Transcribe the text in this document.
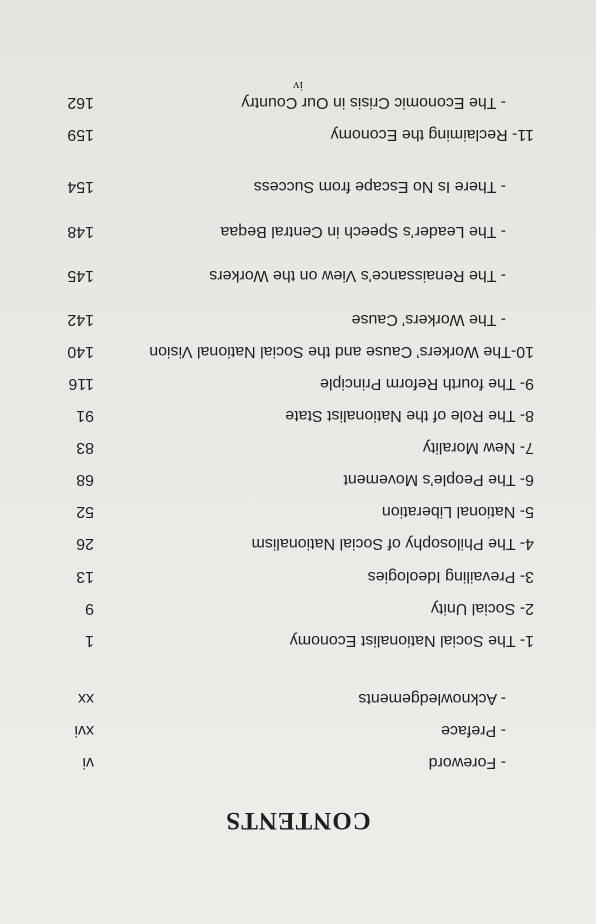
CONTENTS
- Foreword
vi
- Preface
xvi
- Acknowledgements
xx
1- The Social Nationalist Economy
1
2- Social Unity
9
3- Prevailing Ideologies
13
4- The Philosophy of Social Nationalism
26
5- National Liberation
52
6- The People’s Movement
68
7- New Morality
83
8- The Role of the Nationalist State
91
9- The fourth Reform Principle
116
10-The Workers’ Cause and the Social National Vision
140
- The Workers’ Cause
142
- The Renaissance’s View on the Workers
145
- The Leader’s Speech in Central Beqaa
148
- There Is No Escape from Success
154
11- Reclaiming the Economy
159
- The Economic Crisis in Our Country
162
iv
